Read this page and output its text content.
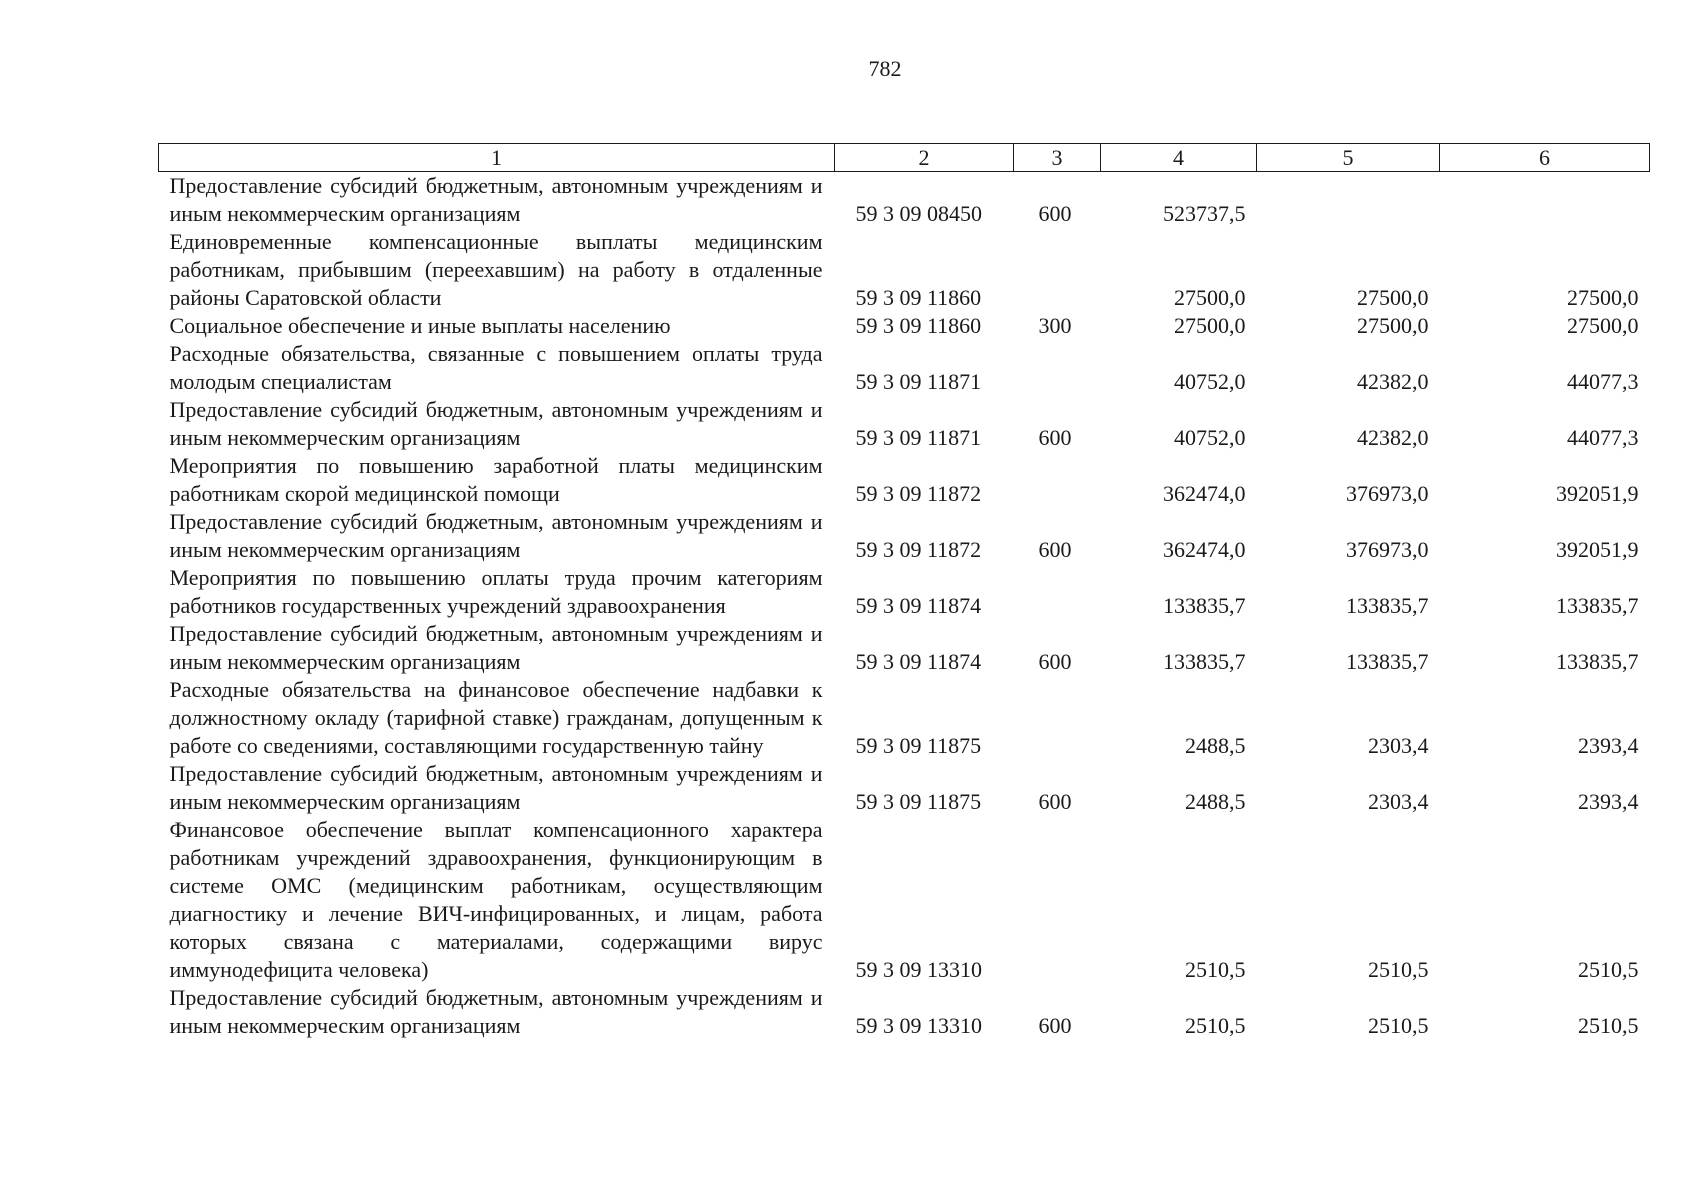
782
1	2	3	4	5	6
Предоставление субсидий бюджетным, автономным учреждениям и иным некоммерческим организациям	59 3 09 08450	600	523737,5		
Единовременные компенсационные выплаты медицинским работникам, прибывшим (переехавшим) на работу в отдаленные районы Саратовской области	59 3 09 11860		27500,0	27500,0	27500,0
Социальное обеспечение и иные выплаты населению	59 3 09 11860	300	27500,0	27500,0	27500,0
Расходные обязательства, связанные с повышением оплаты труда молодым специалистам	59 3 09 11871		40752,0	42382,0	44077,3
Предоставление субсидий бюджетным, автономным учреждениям и иным некоммерческим организациям	59 3 09 11871	600	40752,0	42382,0	44077,3
Мероприятия по повышению заработной платы медицинским работникам скорой медицинской помощи	59 3 09 11872		362474,0	376973,0	392051,9
Предоставление субсидий бюджетным, автономным учреждениям и иным некоммерческим организациям	59 3 09 11872	600	362474,0	376973,0	392051,9
Мероприятия по повышению оплаты труда прочим категориям работников государственных учреждений здравоохранения	59 3 09 11874		133835,7	133835,7	133835,7
Предоставление субсидий бюджетным, автономным учреждениям и иным некоммерческим организациям	59 3 09 11874	600	133835,7	133835,7	133835,7
Расходные обязательства на финансовое обеспечение надбавки к должностному окладу (тарифной ставке) гражданам, допущенным к работе со сведениями, составляющими государственную тайну	59 3 09 11875		2488,5	2303,4	2393,4
Предоставление субсидий бюджетным, автономным учреждениям и иным некоммерческим организациям	59 3 09 11875	600	2488,5	2303,4	2393,4
Финансовое обеспечение выплат компенсационного характера работникам учреждений здравоохранения, функционирующим в системе ОМС (медицинским работникам, осуществляющим диагностику и лечение ВИЧ-инфицированных, и лицам, работа которых связана с материалами, содержащими вирус иммунодефицита человека)	59 3 09 13310		2510,5	2510,5	2510,5
Предоставление субсидий бюджетным, автономным учреждениям и иным некоммерческим организациям	59 3 09 13310	600	2510,5	2510,5	2510,5
